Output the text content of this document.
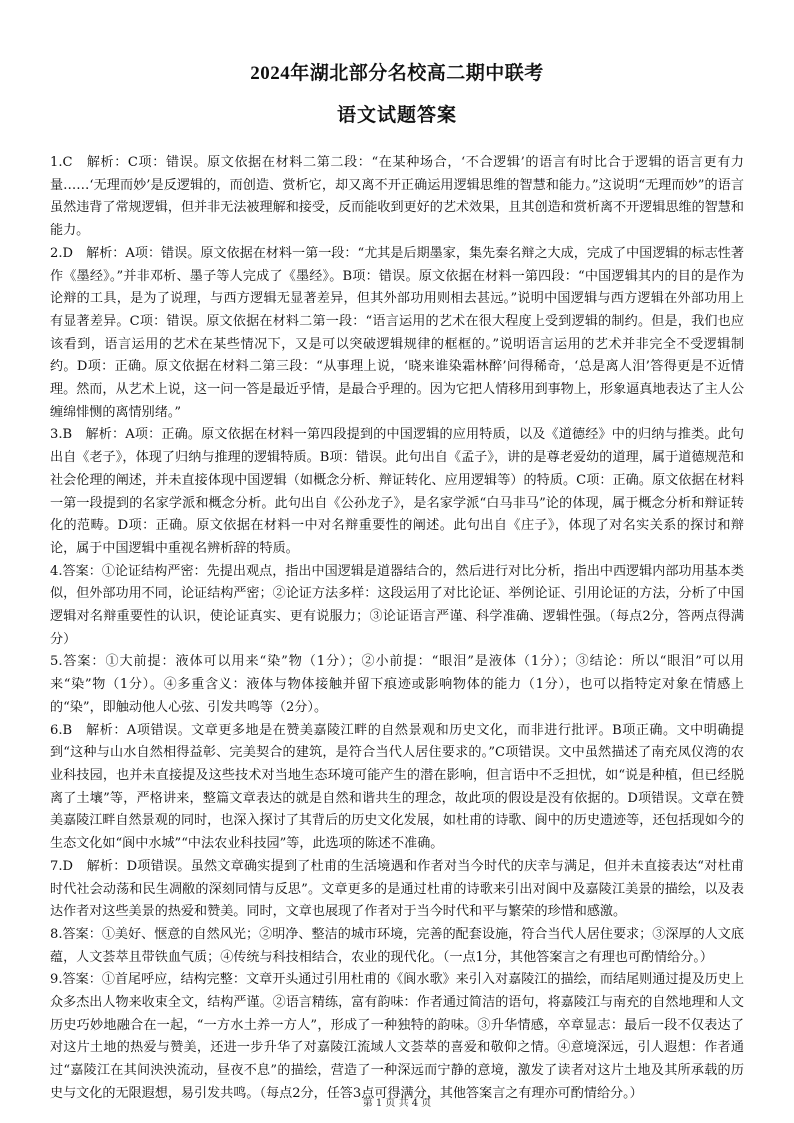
2024年湖北部分名校高二期中联考
语文试题答案

1.C　解析：C项：错误。原文依据在材料二第二段：“在某种场合，‘不合逻辑’的语言有时比合于逻辑的语言更有力量……‘无理而妙’是反逻辑的，而创造、赏析它，却又离不开正确运用逻辑思维的智慧和能力。”这说明“无理而妙”的语言虽然违背了常规逻辑，但并非无法被理解和接受，反而能收到更好的艺术效果，且其创造和赏析离不开逻辑思维的智慧和能力。

2.D　解析：A项：错误。原文依据在材料一第一段：“尤其是后期墨家，集先秦名辩之大成，完成了中国逻辑的标志性著作《墨经》。”并非邓析、墨子等人完成了《墨经》。B项：错误。原文依据在材料一第四段：“中国逻辑其内的目的是作为论辩的工具，是为了说理，与西方逻辑无显著差异，但其外部功用则相去甚远。”说明中国逻辑与西方逻辑在外部功用上有显著差异。C项：错误。原文依据在材料二第一段：“语言运用的艺术在很大程度上受到逻辑的制约。但是，我们也应该看到，语言运用的艺术在某些情况下，又是可以突破逻辑规律的框框的。”说明语言运用的艺术并非完全不受逻辑制约。D项：正确。原文依据在材料二第三段：“从事理上说，‘晓来谁染霜林醉’问得稀奇，‘总是离人泪’答得更是不近情理。然而，从艺术上说，这一问一答是最近乎情，是最合乎理的。因为它把人情移用到事物上，形象逼真地表达了主人公缠绵悱恻的离情别绪。”

3.B　解析：A项：正确。原文依据在材料一第四段提到的中国逻辑的应用特质，以及《道德经》中的归纳与推类。此句出自《老子》，体现了归纳与推理的逻辑特质。B项：错误。此句出自《孟子》，讲的是尊老爱幼的道理，属于道德规范和社会伦理的阐述，并未直接体现中国逻辑（如概念分析、辩证转化、应用逻辑等）的特质。C项：正确。原文依据在材料一第一段提到的名家学派和概念分析。此句出自《公孙龙子》，是名家学派“白马非马”论的体现，属于概念分析和辩证转化的范畴。D项：正确。原文依据在材料一中对名辩重要性的阐述。此句出自《庄子》，体现了对名实关系的探讨和辩论，属于中国逻辑中重视名辨析辞的特质。

4.答案：①论证结构严密：先提出观点，指出中国逻辑是道器结合的，然后进行对比分析，指出中西逻辑内部功用基本类似，但外部功用不同，论证结构严密；②论证方法多样：这段运用了对比论证、举例论证、引用论证的方法，分析了中国逻辑对名辩重要性的认识，使论证真实、更有说服力；③论证语言严谨、科学准确、逻辑性强。（每点2分，答两点得满分）

5.答案：①大前提：液体可以用来“染”物（1分）；②小前提：“眼泪”是液体（1分）；③结论：所以“眼泪”可以用来“染”物（1分）。④多重含义：液体与物体接触并留下痕迹或影响物体的能力（1分），也可以指特定对象在情感上的“染”，即触动他人心弦、引发共鸣等（2分）。

6.B　解析：A项错误。文章更多地是在赞美嘉陵江畔的自然景观和历史文化，而非进行批评。B项正确。文中明确提到“这种与山水自然相得益彰、完美契合的建筑，是符合当代人居住要求的。”C项错误。文中虽然描述了南充凤仪湾的农业科技园，也并未直接提及这些技术对当地生态环境可能产生的潜在影响，但言语中不乏担忧，如“说是种植，但已经脱离了土壤”等，严格讲来，整篇文章表达的就是自然和谐共生的理念，故此项的假设是没有依据的。D项错误。文章在赞美嘉陵江畔自然景观的同时，也深入探讨了其背后的历史文化发展，如杜甫的诗歌、阆中的历史遗迹等，还包括现如今的生态文化如“阆中水城”“中法农业科技园”等，此选项的陈述不准确。

7.D　解析：D项错误。虽然文章确实提到了杜甫的生活境遇和作者对当今时代的庆幸与满足，但并未直接表达“对杜甫时代社会动荡和民生凋敝的深刻同情与反思”。文章更多的是通过杜甫的诗歌来引出对阆中及嘉陵江美景的描绘，以及表达作者对这些美景的热爱和赞美。同时，文章也展现了作者对于当今时代和平与繁荣的珍惜和感激。

8.答案：①美好、惬意的自然风光；②明净、整洁的城市环境，完善的配套设施，符合当代人居住要求；③深厚的人文底蕴，人文荟萃且带铁血气质；④传统与科技相结合，农业的现代化。（一点1分，其他答案言之有理也可酌情给分。）

9.答案：①首尾呼应，结构完整：文章开头通过引用杜甫的《阆水歌》来引入对嘉陵江的描绘，而结尾则通过提及历史上众多杰出人物来收束全文，结构严谨。②语言精练，富有韵味：作者通过简洁的语句，将嘉陵江与南充的自然地理和人文历史巧妙地融合在一起，“一方水土养一方人”，形成了一种独特的韵味。③升华情感，卒章显志：最后一段不仅表达了对这片土地的热爱与赞美，还进一步升华了对嘉陵江流域人文荟萃的喜爱和敬仰之情。④意境深远，引人遐想：作者通过“嘉陵江在其间泱泱流动，昼夜不息”的描绘，营造了一种深远而宁静的意境，激发了读者对这片土地及其所承载的历史与文化的无限遐想，易引发共鸣。（每点2分，任答3点可得满分，其他答案言之有理亦可酌情给分。）

第 1 页 共 4 页
